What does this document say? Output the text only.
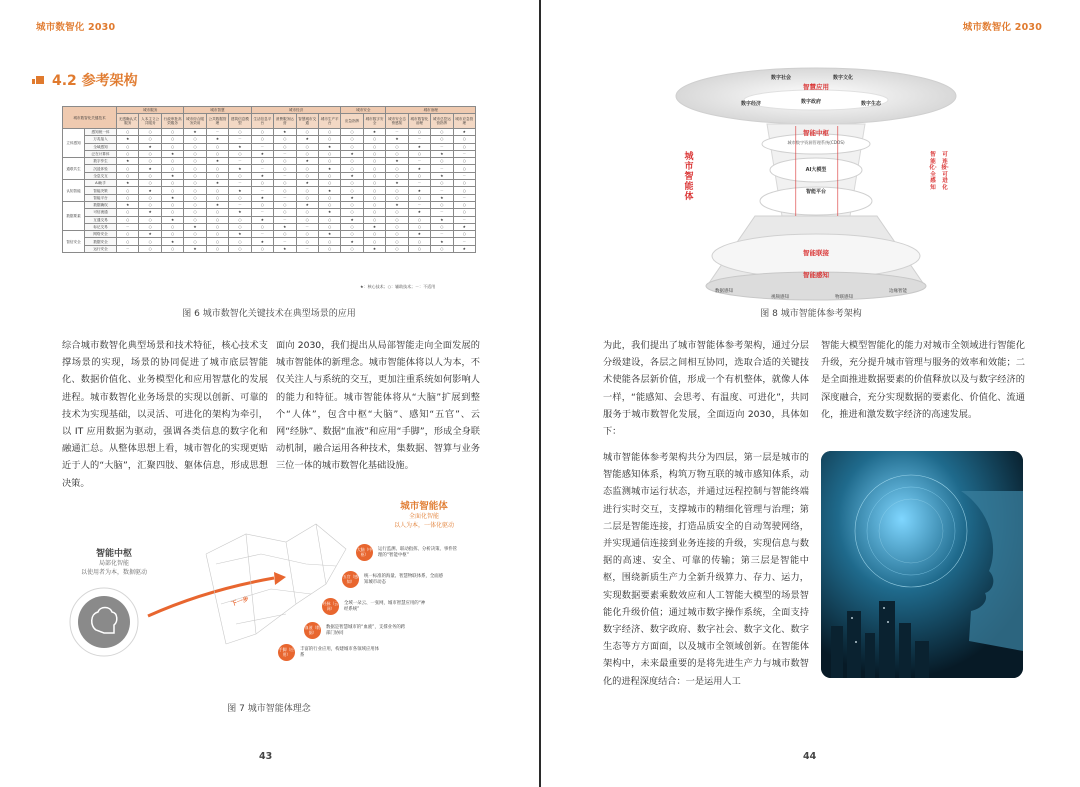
城市数智化 2030
4.2 参考架构
城市数智化关键技术		城市服务			城市智慧			城市经济				城市安全		城市治理			
		无感确认式服务	人本主义公共服务	行政审批高效服务	城市综合服务效用	公共数据管理	建筑信息模型	生活信息平台	消费服务运营	智慧城市交通	城市生产平台	应急指挥	城市数字安全	城市安全态势感知	城市数智化治理	城市总控运营指挥	城市应急管理
立体感知	感知统一体	○	○	○	★	－	○	○	★	○	○	○	★	－	○	○	★
	万兆接入	★	○	○	○	★	－	○	○	★	○	○	○	★	－	○	○
	全域感知	○	★	○	○	○	★	－	○	○	★	○	○	○	★	－	○
	泛在计算体	○	○	★	○	○	○	★	－	○	○	★	○	○	○	★	－
通联共生	数字孪生	★	○	○	○	★	－	○	○	★	○	○	○	★	－	○	○
	沉浸体验	○	★	○	○	○	★	－	○	○	★	○	○	○	★	－	○
	全息交互	○	○	★	○	○	○	★	－	○	○	★	○	○	○	★	－
认知智能	AI助手	★	○	○	○	★	－	○	○	★	○	○	○	★	－	○	○
	智能决策	○	★	○	○	○	★	－	○	○	★	○	○	○	★	－	○
	智能平台	○	○	★	○	○	○	★	－	○	○	★	○	○	○	★	－
数据要素	数据确权	★	○	○	○	★	－	○	○	★	○	○	○	★	－	○	○
	可信流通	○	★	○	○	○	★	－	○	○	★	○	○	○	★	－	○
	互通交易	○	○	★	○	○	○	★	－	○	○	★	○	○	○	★	－
	标记交易	－	○	○	★	○	○	○	★	－	○	○	★	○	○	○	★
智信安全	网络安全	○	★	○	○	○	★	－	○	○	★	○	○	○	★	－	○
	数据安全	○	○	★	○	○	○	★	－	○	○	★	○	○	○	★	－
	运行安全	－	○	○	★	○	○	○	★	－	○	○	★	○	○	○	★
★：核心技术；○：辅助技术；－：不适用
图 6 城市数智化关键技术在典型场景的应用
综合城市数智化典型场景和技术特征，核心技术支撑场景的实现，场景的协同促进了城市底层智能化、数据价值化、业务模型化和应用智慧化的发展进程。城市数智化业务场景的实现以创新、可靠的技术为实现基础，以灵活、可进化的架构为牵引，以 IT 应用数据为驱动，强调各类信息的数字化和融通汇总。从整体思想上看，城市智化的实现更贴近于人的“大脑”，汇聚四肢、躯体信息，形成思想决策。
面向 2030，我们提出从局部智能走向全面发展的城市智能体的新理念。城市智能体将以人为本，不仅关注人与系统的交互，更加注重系统如何影响人的能力和特征。城市智能体将从“大脑”扩展到整个“人体”，包含中枢“大脑”、感知“五官”、云网“经脉”、数据“血液”和应用“手脚”，形成全身联动机制，融合运用各种技术，集数据、智算与业务三位一体的城市数智化基础设施。
下一步
智能中枢
局部化智能
以使用者为本，数据驱动
城市智能体
全面化智能
以人为本，一体化驱动
大脑（中枢）
运行监测、联动指挥、分析决策、事件管理的“智能中枢”
五官（感知）
统一标准的海量、智慧物联体系，全面感知城市动态
经脉（云网）
全域一朵云、一张网，城市智慧应用的“神经系统”
血液（数据）
数据是智慧城市的“血液”，支撑业务的跨部门协同
手脚（应用）
丰富的行业应用，构建城市各领域应用体系
图 7 城市智能体理念
43
城市数智化 2030
数字社会	数字文化
数字经济	数字政府	数字生态
智慧应用
智能中枢
城市数字资源管理系统(CDOS)
AI大模型
智能平台
智能联接
智能感知
城市智能体
智能化·全感知
可连接·可进化
数据感知
视频感知	物联感知
边缘智能
图 8 城市智能体参考架构
为此，我们提出了城市智能体参考架构，通过分层分级建设，各层之间相互协同，选取合适的关键技术使能各层新价值，形成一个有机整体，就像人体一样，“能感知、会思考、有温度、可进化”，共同服务于城市数智化发展，全面迈向 2030，具体如下：
城市智能体参考架构共分为四层，第一层是城市的智能感知体系，构筑万物互联的城市感知体系，动态监测城市运行状态，并通过远程控制与智能终端进行实时交互，支撑城市的精细化管理与治理；第二层是智能连接，打造品质安全的自动驾驶网络，并实现通信连接到业务连接的升级，实现信息与数据的高速、安全、可靠的传输；第三层是智能中枢，围绕新质生产力全新升级算力、存力、运力，实现数据要素乘数效应和人工智能大模型的场景智能化升级价值；通过城市数字操作系统，全面支持数字经济、数字政府、数字社会、数字文化、数字生态等方方面面，以及城市全领域创新。在智能体架构中，未来最重要的是将先进生产力与城市数智化的进程深度结合：一是运用人工
智能大模型智能化的能力对城市全领域进行智能化升级，充分提升城市管理与服务的效率和效能；二是全面推进数据要素的价值释放以及与数字经济的深度融合，充分实现数据的要素化、价值化、流通化，推进和激发数字经济的高速发展。
44
